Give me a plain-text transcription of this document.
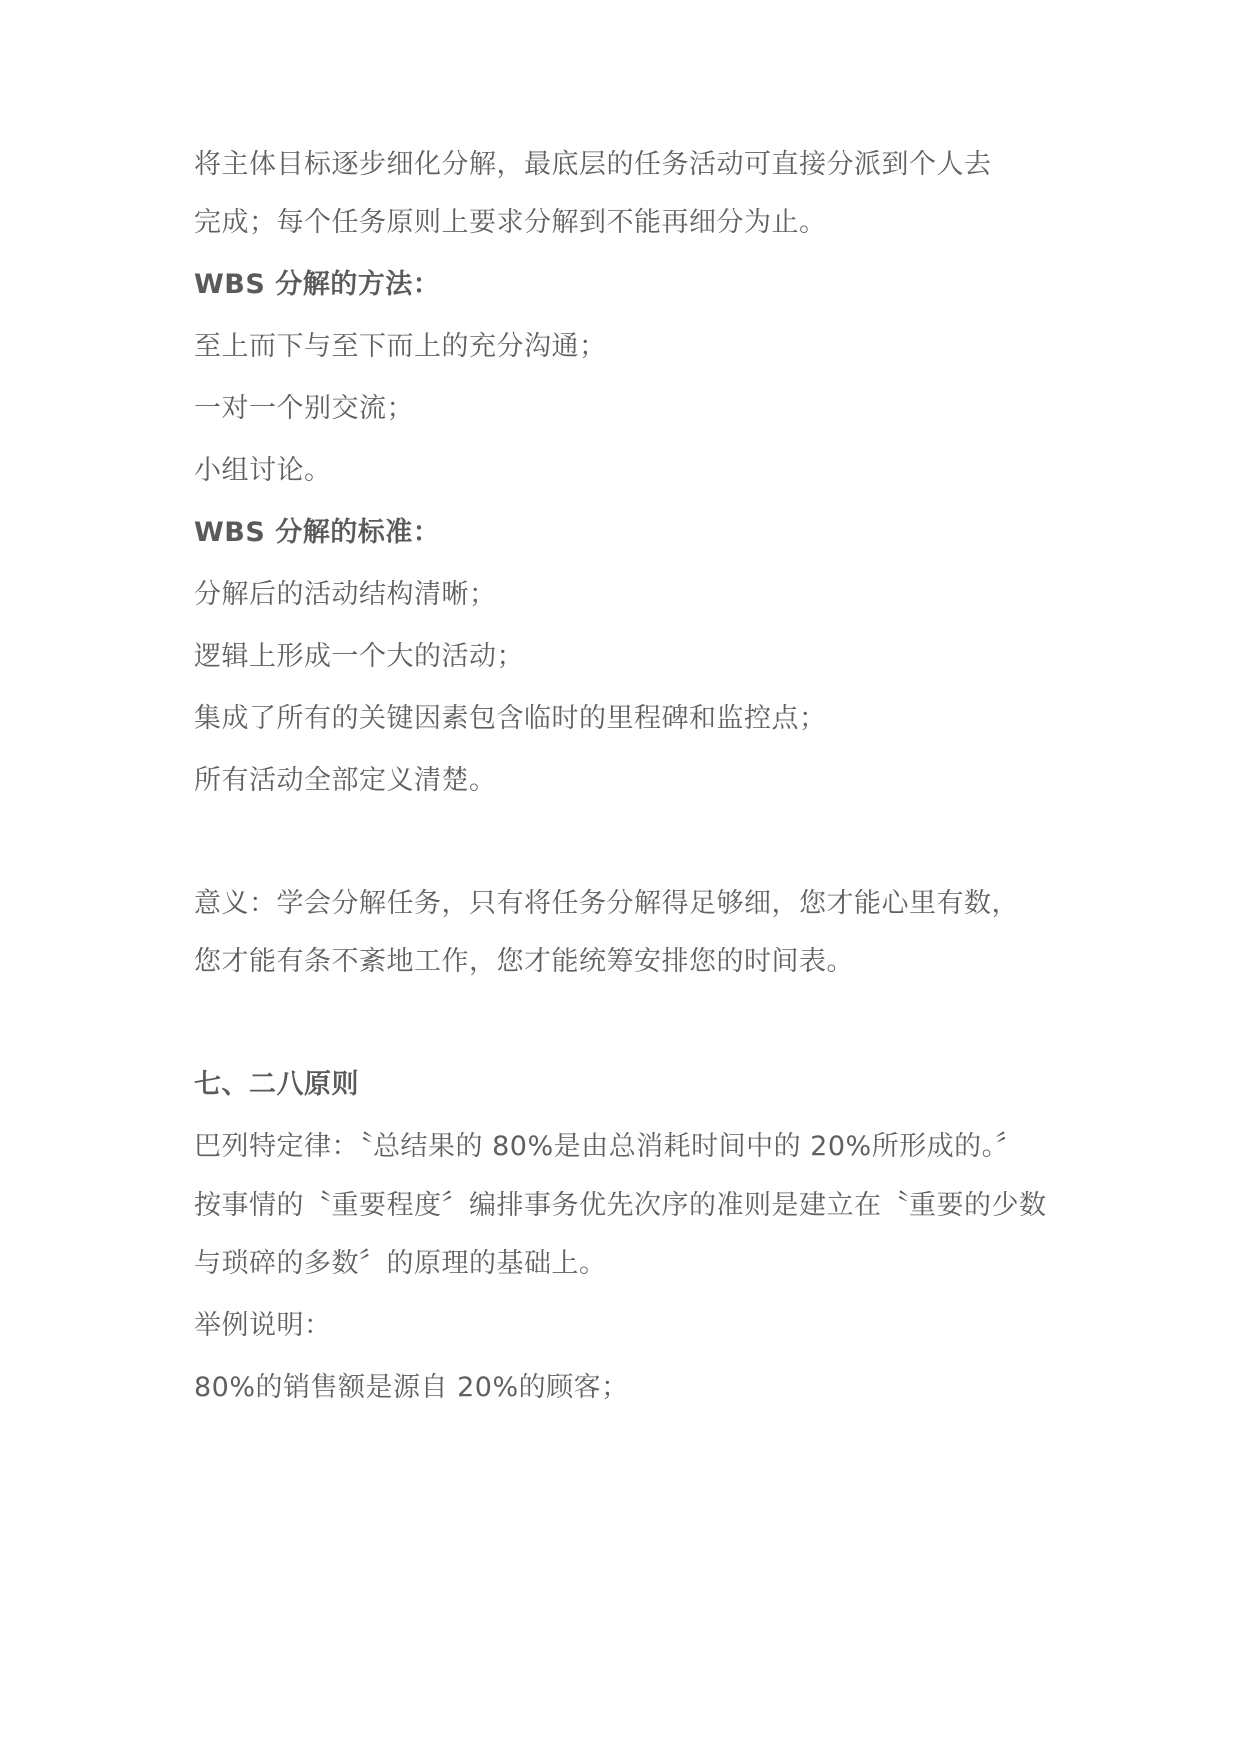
将主体目标逐步细化分解，最底层的任务活动可直接分派到个人去
完成；每个任务原则上要求分解到不能再细分为止。
WBS 分解的方法：
至上而下与至下而上的充分沟通；
一对一个别交流；
小组讨论。
WBS 分解的标准：
分解后的活动结构清晰；
逻辑上形成一个大的活动；
集成了所有的关键因素包含临时的里程碑和监控点；
所有活动全部定义清楚。
意义：学会分解任务，只有将任务分解得足够细，您才能心里有数，
您才能有条不紊地工作，您才能统筹安排您的时间表。
七、二八原则
巴列特定律：〝总结果的 80%是由总消耗时间中的 20%所形成的。〞
按事情的〝重要程度〞编排事务优先次序的准则是建立在〝重要的少数
与琐碎的多数〞的原理的基础上。
举例说明：
80%的销售额是源自 20%的顾客；
